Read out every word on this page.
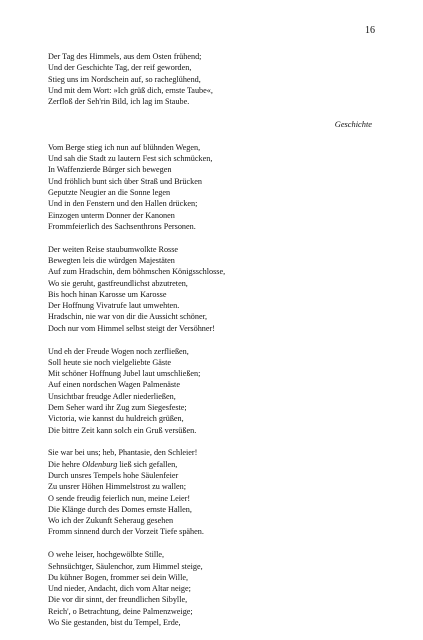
16
Der Tag des Himmels, aus dem Osten frühend;
Und der Geschichte Tag, der reif geworden,
Stieg uns im Nordschein auf, so racheglühend,
Und mit dem Wort: »Ich grüß dich, ernste Taube«,
Zerfloß der Seh'rin Bild, ich lag im Staube.
Geschichte
Vom Berge stieg ich nun auf blühnden Wegen,
Und sah die Stadt zu lautern Fest sich schmücken,
In Waffenzierde Bürger sich bewegen
Und fröhlich bunt sich über Straß und Brücken
Geputzte Neugier an die Sonne legen
Und in den Fenstern und den Hallen drücken;
Einzogen unterm Donner der Kanonen
Frommfeierlich des Sachsenthrons Personen.
Der weiten Reise staubumwolkte Rosse
Bewegten leis die würdgen Majestäten
Auf zum Hradschin, dem böhmschen Königsschlosse,
Wo sie geruht, gastfreundlichst abzutreten,
Bis hoch hinan Karosse um Karosse
Der Hoffnung Vivatrufe laut umwehten.
Hradschin, nie war von dir die Aussicht schöner,
Doch nur vom Himmel selbst steigt der Versöhner!
Und eh der Freude Wogen noch zerfließen,
Soll heute sie noch vielgeliebte Gäste
Mit schöner Hoffnung Jubel laut umschließen;
Auf einen nordschen Wagen Palmenäste
Unsichtbar freudge Adler niederließen,
Dem Seher ward ihr Zug zum Siegesfeste;
Victoria, wie kannst du huldreich grüßen,
Die bittre Zeit kann solch ein Gruß versüßen.
Sie war bei uns; heb, Phantasie, den Schleier!
Die hehre Oldenburg ließ sich gefallen,
Durch unsres Tempels hohe Säulenfeier
Zu unsrer Höhen Himmelstrost zu wallen;
O sende freudig feierlich nun, meine Leier!
Die Klänge durch des Domes ernste Hallen,
Wo ich der Zukunft Seheraug gesehen
Fromm sinnend durch der Vorzeit Tiefe spähen.
O wehe leiser, hochgewölbte Stille,
Sehnsüchtger, Säulenchor, zum Himmel steige,
Du kühner Bogen, frommer sei dein Wille,
Und nieder, Andacht, dich vom Altar neige;
Die vor dir sinnt, der freundlichen Sibylle,
Reich', o Betrachtung, deine Palmenzweige;
Wo Sie gestanden, bist du Tempel, Erde,
